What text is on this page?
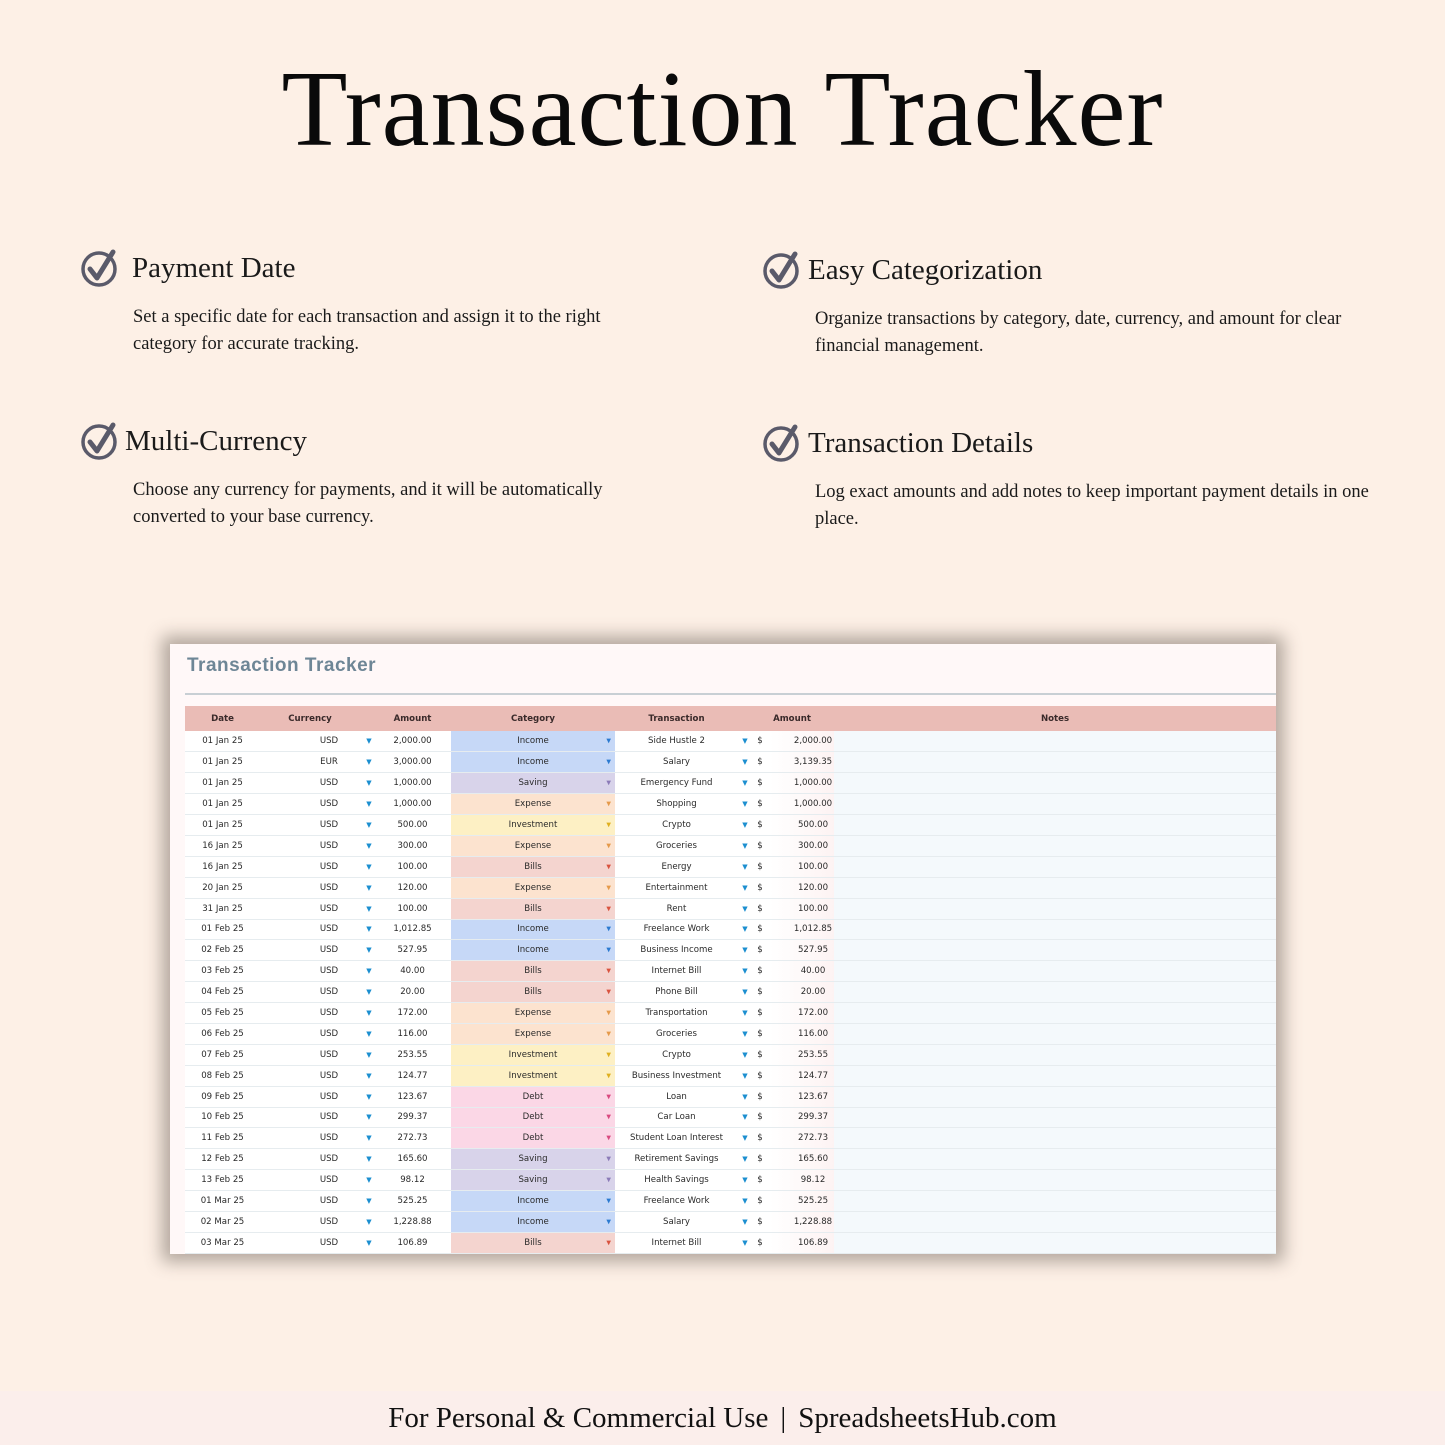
Transaction Tracker
Payment Date

Set a specific date for each transaction and assign it to the right category for accurate tracking.

Easy Categorization

Organize transactions by category, date, currency, and amount for clear financial management.

Multi-Currency

Choose any currency for payments, and it will be automatically converted to your base currency.

Transaction Details

Log exact amounts and add notes to keep important payment details in one place.

Transaction Tracker
Date	Currency		Amount	Category	Transaction		Amount		Notes
01 Jan 25	USD	▼	2,000.00	Income ▼	Side Hustle 2	▼	$	2,000.00	
01 Jan 25	EUR	▼	3,000.00	Income ▼	Salary	▼	$	3,139.35	
01 Jan 25	USD	▼	1,000.00	Saving ▼	Emergency Fund	▼	$	1,000.00	
01 Jan 25	USD	▼	1,000.00	Expense ▼	Shopping	▼	$	1,000.00	
01 Jan 25	USD	▼	500.00	Investment ▼	Crypto	▼	$	500.00	
16 Jan 25	USD	▼	300.00	Expense ▼	Groceries	▼	$	300.00	
16 Jan 25	USD	▼	100.00	Bills ▼	Energy	▼	$	100.00	
20 Jan 25	USD	▼	120.00	Expense ▼	Entertainment	▼	$	120.00	
31 Jan 25	USD	▼	100.00	Bills ▼	Rent	▼	$	100.00	
01 Feb 25	USD	▼	1,012.85	Income ▼	Freelance Work	▼	$	1,012.85	
02 Feb 25	USD	▼	527.95	Income ▼	Business Income	▼	$	527.95	
03 Feb 25	USD	▼	40.00	Bills ▼	Internet Bill	▼	$	40.00	
04 Feb 25	USD	▼	20.00	Bills ▼	Phone Bill	▼	$	20.00	
05 Feb 25	USD	▼	172.00	Expense ▼	Transportation	▼	$	172.00	
06 Feb 25	USD	▼	116.00	Expense ▼	Groceries	▼	$	116.00	
07 Feb 25	USD	▼	253.55	Investment ▼	Crypto	▼	$	253.55	
08 Feb 25	USD	▼	124.77	Investment ▼	Business Investment	▼	$	124.77	
09 Feb 25	USD	▼	123.67	Debt ▼	Loan	▼	$	123.67	
10 Feb 25	USD	▼	299.37	Debt ▼	Car Loan	▼	$	299.37	
11 Feb 25	USD	▼	272.73	Debt ▼	Student Loan Interest	▼	$	272.73	
12 Feb 25	USD	▼	165.60	Saving ▼	Retirement Savings	▼	$	165.60	
13 Feb 25	USD	▼	98.12	Saving ▼	Health Savings	▼	$	98.12	
01 Mar 25	USD	▼	525.25	Income ▼	Freelance Work	▼	$	525.25	
02 Mar 25	USD	▼	1,228.88	Income ▼	Salary	▼	$	1,228.88	
03 Mar 25	USD	▼	106.89	Bills ▼	Internet Bill	▼	$	106.89	
For Personal & Commercial Use | SpreadsheetsHub.com
